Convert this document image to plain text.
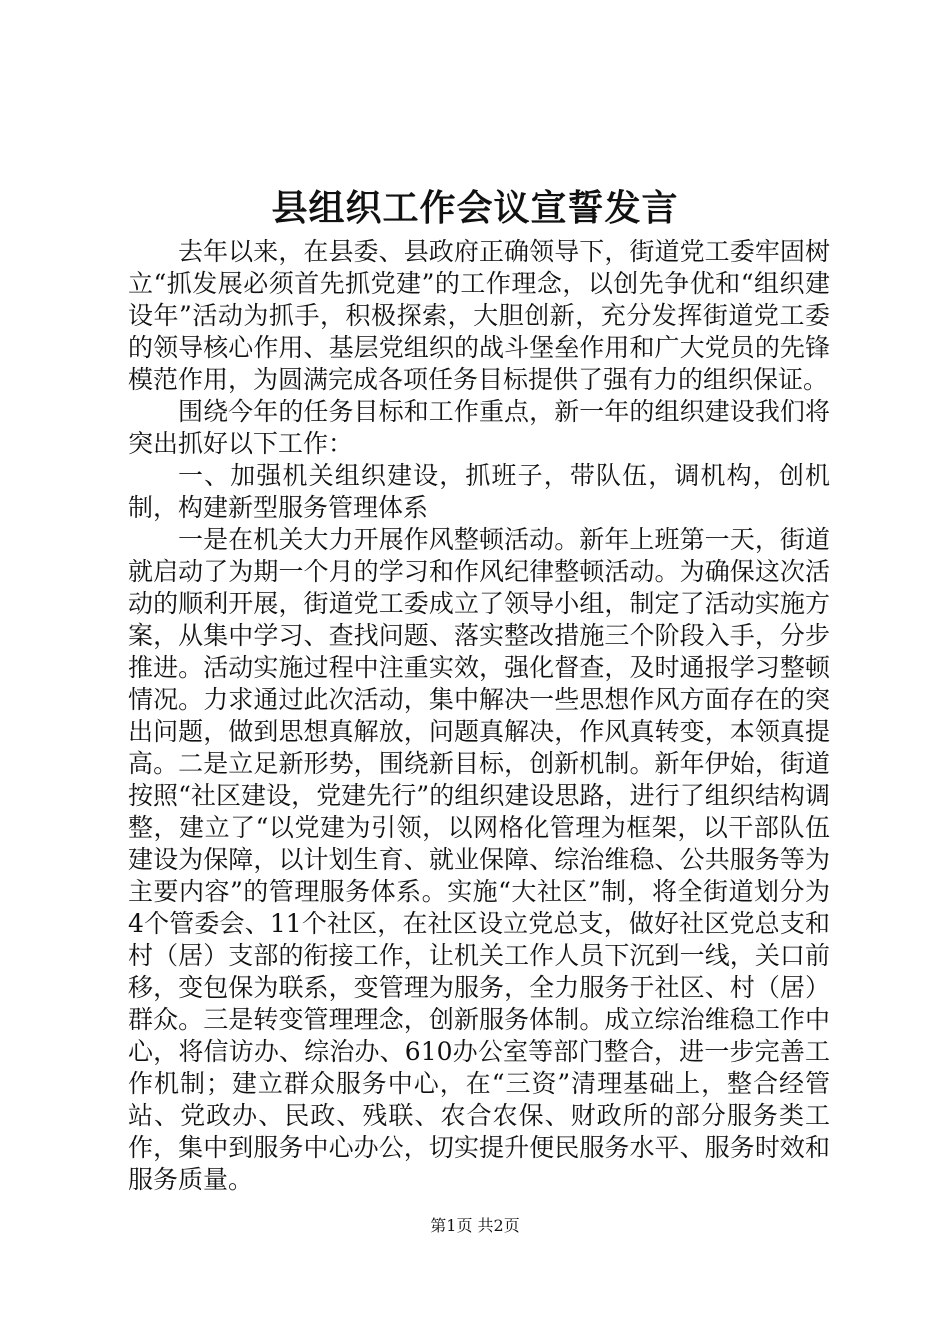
县组织工作会议宣誓发言

去年以来，在县委、县政府正确领导下，街道党工委牢固树立“抓发展必须首先抓党建”的工作理念，以创先争优和“组织建设年”活动为抓手，积极探索，大胆创新，充分发挥街道党工委的领导核心作用、基层党组织的战斗堡垒作用和广大党员的先锋模范作用，为圆满完成各项任务目标提供了强有力的组织保证。

围绕今年的任务目标和工作重点，新一年的组织建设我们将突出抓好以下工作：

一、加强机关组织建设，抓班子，带队伍，调机构，创机制，构建新型服务管理体系

一是在机关大力开展作风整顿活动。新年上班第一天，街道就启动了为期一个月的学习和作风纪律整顿活动。为确保这次活动的顺利开展，街道党工委成立了领导小组，制定了活动实施方案，从集中学习、查找问题、落实整改措施三个阶段入手，分步推进。活动实施过程中注重实效，强化督查，及时通报学习整顿情况。力求通过此次活动，集中解决一些思想作风方面存在的突出问题，做到思想真解放，问题真解决，作风真转变，本领真提高。二是立足新形势，围绕新目标，创新机制。新年伊始，街道按照“社区建设，党建先行”的组织建设思路，进行了组织结构调整，建立了“以党建为引领，以网格化管理为框架，以干部队伍建设为保障，以计划生育、就业保障、综治维稳、公共服务等为主要内容”的管理服务体系。实施“大社区”制，将全街道划分为4个管委会、11个社区，在社区设立党总支，做好社区党总支和村（居）支部的衔接工作，让机关工作人员下沉到一线，关口前移，变包保为联系，变管理为服务，全力服务于社区、村（居）群众。三是转变管理理念，创新服务体制。成立综治维稳工作中心，将信访办、综治办、610办公室等部门整合，进一步完善工作机制；建立群众服务中心，在“三资”清理基础上，整合经管站、党政办、民政、残联、农合农保、财政所的部分服务类工作，集中到服务中心办公，切实提升便民服务水平、服务时效和服务质量。

第1页 共2页
